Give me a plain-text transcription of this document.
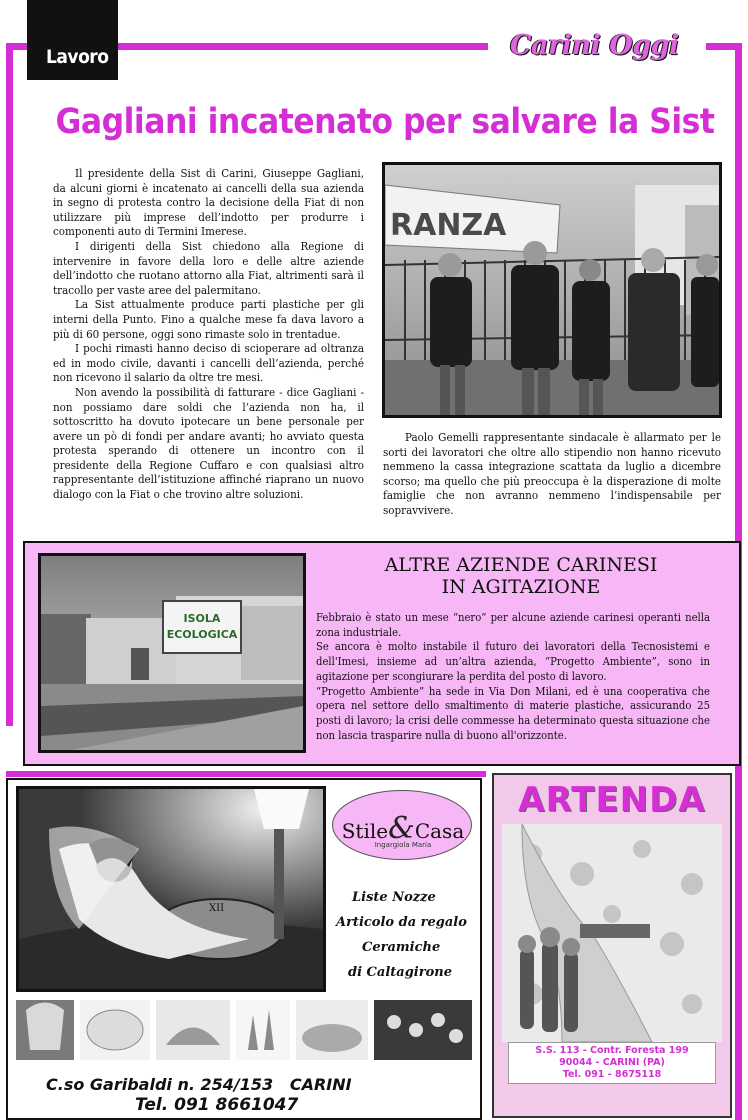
Lavoro	Carini Oggi
Gagliani incatenato per salvare la Sist

Il presidente della Sist di Carini, Giuseppe Gagliani, da alcuni giorni è incatenato ai cancelli della sua azienda in segno di protesta contro la decisione della Fiat di non utilizzare più imprese dell’indotto per produrre i componenti auto di Termini Imerese.

I dirigenti della Sist chiedono alla Regione di intervenire in favore della loro e delle altre aziende dell’indotto che ruotano attorno alla Fiat, altrimenti sarà il tracollo per vaste aree del palermitano.

La Sist attualmente produce parti plastiche per gli interni della Punto. Fino a qualche mese fa dava lavoro a più di 60 persone, oggi sono rimaste solo in trentadue.

I pochi rimasti hanno deciso di scioperare ad oltranza ed in modo civile, davanti i cancelli dell’azienda, perché non ricevono il salario da oltre tre mesi.

Non avendo la possibilità di fatturare - dice Gagliani - non possiamo dare soldi che l’azienda non ha, il sottoscritto ha dovuto ipotecare un bene personale per avere un pò di fondi per andare avanti; ho avviato questa protesta sperando di ottenere un incontro con il presidente della Regione Cuffaro e con qualsiasi altro rappresentante dell’istituzione affinché riaprano un nuovo dialogo con la Fiat o che trovino altre soluzioni.

RANZA

Paolo Gemelli rappresentante sindacale è allarmato per le sorti dei lavoratori che oltre allo stipendio non hanno ricevuto nemmeno la cassa integrazione scattata da luglio a dicembre scorso; ma quello che più preoccupa è la disperazione di molte famiglie che non avranno nemmeno l’indispensabile per sopravvivere.

ISOLA
ECOLOGICA
ALTRE AZIENDE CARINESI
IN AGITAZIONE

Febbraio è stato un mese “nero” per alcune aziende carinesi operanti nella zona industriale.

Se ancora è molto instabile il futuro dei lavoratori della Tecnosistemi e dell'Imesi, insieme ad un’altra azienda, “Progetto Ambiente”, sono in agitazione per scongiurare la perdita del posto di lavoro.

“Progetto Ambiente” ha sede in Via Don Milani, ed è una cooperativa che opera nel settore dello smaltimento di materie plastiche, assicurando 25 posti di lavoro; la crisi delle commesse ha determinato questa situazione che non lascia trasparire nulla di buono all'orizzonte.

XII
Stile&Casa
Ingargiola Maria
Liste Nozze
Articolo da regalo
Ceramiche
di Caltagirone
C.so Garibaldi n. 254/153   CARINI
Tel. 091 8661047
ARTENDA
S.S. 113 - Contr. Foresta 199
90044 - CARINI (PA)
Tel. 091 - 8675118
